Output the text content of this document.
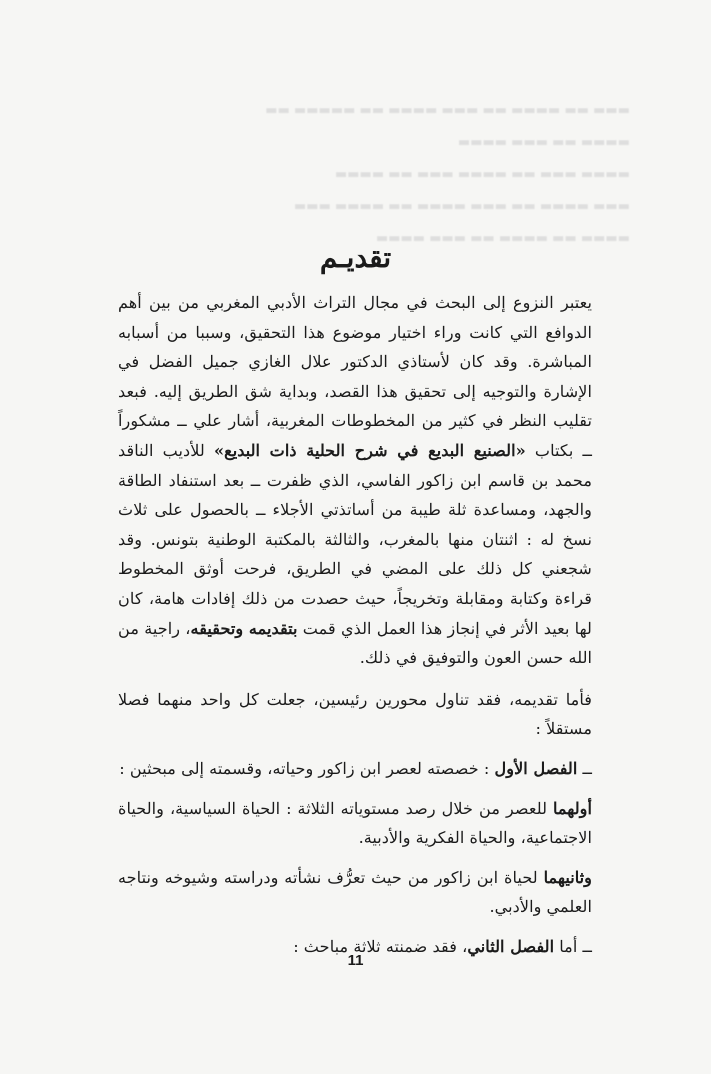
▬▬▬ ▬▬ ▬▬▬▬ ▬▬ ▬▬▬ ▬▬▬▬ ▬▬ ▬▬▬▬▬ ▬▬
▬▬▬▬ ▬▬ ▬▬▬ ▬▬▬▬
▬▬▬▬ ▬▬▬ ▬▬ ▬▬▬▬ ▬▬▬ ▬▬ ▬▬▬▬
▬▬▬ ▬▬▬▬ ▬▬ ▬▬▬ ▬▬▬▬ ▬▬ ▬▬▬▬ ▬▬▬
▬▬▬▬ ▬▬ ▬▬▬▬ ▬▬ ▬▬▬ ▬▬▬▬
تقديـم

يعتبر النزوع إلى البحث في مجال التراث الأدبي المغربي من بين أهم الدوافع التي كانت وراء اختيار موضوع هذا التحقيق، وسببا من أسبابه المباشرة. وقد كان لأستاذي الدكتور علال الغازي جميل الفضل في الإشارة والتوجيه إلى تحقيق هذا القصد، وبداية شق الطريق إليه. فبعد تقليب النظر في كثير من المخطوطات المغربية، أشار علي ــ مشكوراً ــ بكتاب «الصنيع البديع في شرح الحلية ذات البديع» للأديب الناقد محمد بن قاسم ابن زاكور الفاسي، الذي ظفرت ــ بعد استنفاد الطاقة والجهد، ومساعدة ثلة طيبة من أساتذتي الأجلاء ــ بالحصول على ثلاث نسخ له : اثنتان منها بالمغرب، والثالثة بالمكتبة الوطنية بتونس. وقد شجعني كل ذلك على المضي في الطريق، فرحت أوثق المخطوط قراءة وكتابة ومقابلة وتخريجاً، حيث حصدت من ذلك إفادات هامة، كان لها بعيد الأثر في إنجاز هذا العمل الذي قمت بتقديمه وتحقيقه، راجية من الله حسن العون والتوفيق في ذلك.

فأما تقديمه، فقد تناول محورين رئيسين، جعلت كل واحد منهما فصلا مستقلاً :

ــ الفصل الأول : خصصته لعصر ابن زاكور وحياته، وقسمته إلى مبحثين :

أولهما للعصر من خلال رصد مستوياته الثلاثة : الحياة السياسية، والحياة الاجتماعية، والحياة الفكرية والأدبية.

وثانيهما لحياة ابن زاكور من حيث تعرُّف نشأته ودراسته وشيوخه ونتاجه العلمي والأدبي.

ــ أما الفصل الثاني، فقد ضمنته ثلاثة مباحث :

11
